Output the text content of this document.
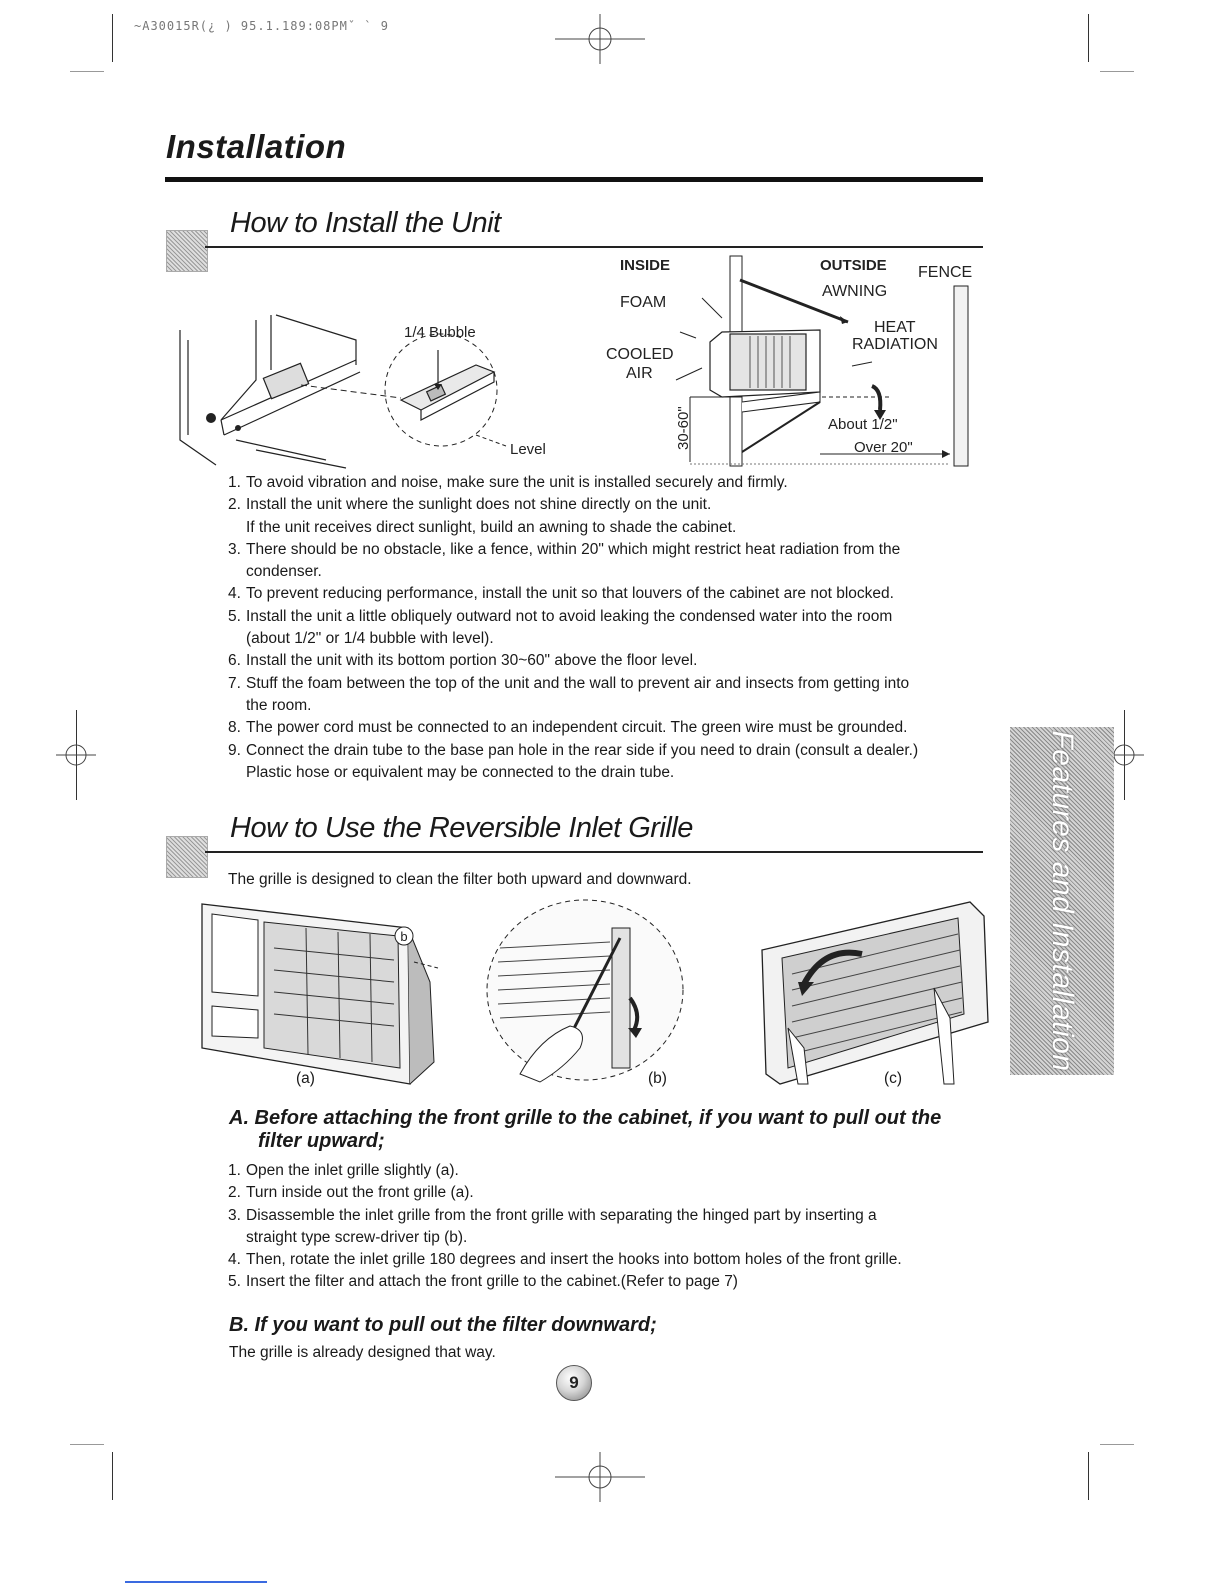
~A30015R(¿ ) 95.1.189:08PMˇ ` 9
Installation
How to Install the Unit
1/4 Bubble
Level
INSIDE	OUTSIDE FENCE
AWNING
FOAM
HEAT
RADIATION
COOLED
AIR
About 1/2"
Over 20"
30-60"
1. To avoid vibration and noise, make sure the unit is installed securely and firmly.
2. Install the unit where the sunlight does not shine directly on the unit.
If the unit receives direct sunlight, build an awning to shade the cabinet.
3. There should be no obstacle, like a fence, within 20" which might restrict heat radiation from the
condenser.
4. To prevent reducing performance, install the unit so that louvers of the cabinet are not blocked.
5. Install the unit a little obliquely outward not to avoid leaking the condensed water into the room
(about 1/2" or 1/4 bubble with level).
6. Install the unit with its bottom portion 30~60" above the floor level.
7. Stuff the foam between the top of the unit and the wall to prevent air and insects from getting into
the room.
8. The power cord must be connected to an independent circuit. The green wire must be grounded.
9. Connect the drain tube to the base pan hole in the rear side if you need to drain (consult a dealer.)
Plastic hose or equivalent may be connected to the drain tube.
How to Use the Reversible Inlet Grille
The grille is designed to clean the filter both upward and downward.
b
(a)	(b)	(c)
A. Before attaching the front grille to the cabinet, if you want to pull out the
filter upward;
1. Open the inlet grille slightly (a).
2. Turn inside out the front grille (a).
3. Disassemble the inlet grille from the front grille with separating the hinged part by inserting a
straight type screw-driver tip (b).
4. Then, rotate the inlet grille 180 degrees and insert the hooks into bottom holes of the front grille.
5. Insert the filter and attach the front grille to the cabinet.(Refer to page 7)
B. If you want to pull out the filter downward;
The grille is already designed that way.
Features and Installation
9
